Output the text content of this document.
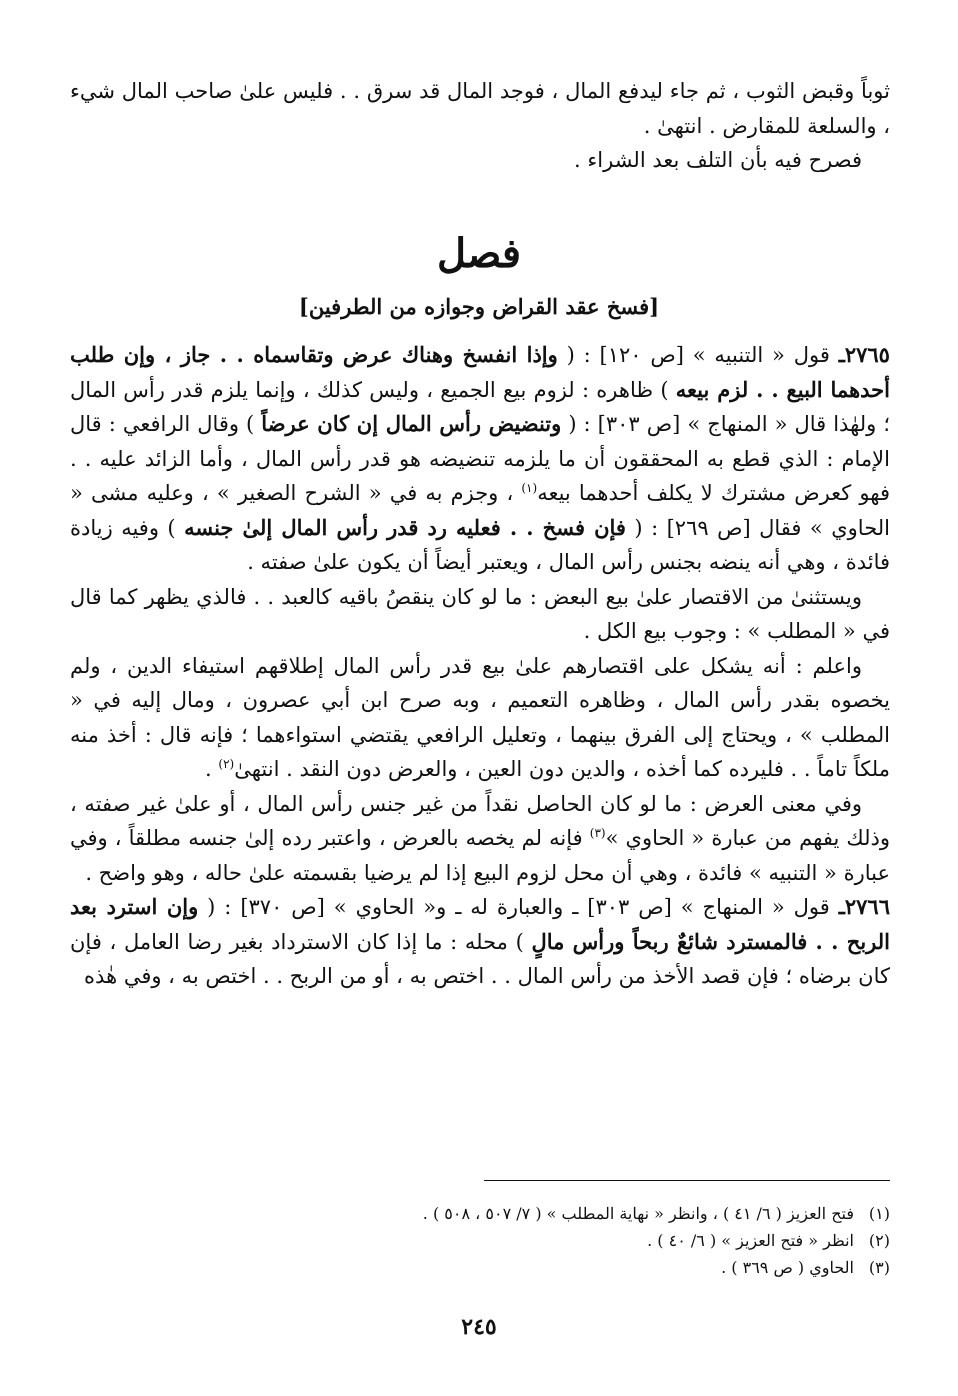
ثوباً وقبض الثوب ، ثم جاء ليدفع المال ، فوجد المال قد سرق . . فليس علىٰ صاحب المال شيء ، والسلعة للمقارض . انتهىٰ .

فصرح فيه بأن التلف بعد الشراء .

فصل
[فسخ عقد القراض وجوازه من الطرفين]

٢٧٦٥ـ قول « التنبيه » [ص ١٢٠] : ( وإذا انفسخ وهناك عرض وتقاسماه . . جاز ، وإن طلب أحدهما البيع . . لزم بيعه ) ظاهره : لزوم بيع الجميع ، وليس كذلك ، وإنما يلزم قدر رأس المال ؛ ولهٰذا قال « المنهاج » [ص ٣٠٣] : ( وتنضيض رأس المال إن كان عرضاً ) وقال الرافعي : قال الإمام : الذي قطع به المحققون أن ما يلزمه تنضيضه هو قدر رأس المال ، وأما الزائد عليه . . فهو كعرض مشترك لا يكلف أحدهما بيعه$^{(١)}$ ، وجزم به في « الشرح الصغير » ، وعليه مشى « الحاوي » فقال [ص ٢٦٩] : ( فإن فسخ . . فعليه رد قدر رأس المال إلىٰ جنسه ) وفيه زيادة فائدة ، وهي أنه ينضه بجنس رأس المال ، ويعتبر أيضاً أن يكون علىٰ صفته .

ويستثنىٰ من الاقتصار علىٰ بيع البعض : ما لو كان ينقصُ باقيه كالعبد . . فالذي يظهر كما قال في « المطلب » : وجوب بيع الكل .

واعلم : أنه يشكل على اقتصارهم علىٰ بيع قدر رأس المال إطلاقهم استيفاء الدين ، ولم يخصوه بقدر رأس المال ، وظاهره التعميم ، وبه صرح ابن أبي عصرون ، ومال إليه في « المطلب » ، ويحتاج إلى الفرق بينهما ، وتعليل الرافعي يقتضي استواءهما ؛ فإنه قال : أخذ منه ملكاً تاماً . . فليرده كما أخذه ، والدين دون العين ، والعرض دون النقد . انتهىٰ$^{(٢)}$ .

وفي معنى العرض : ما لو كان الحاصل نقداً من غير جنس رأس المال ، أو علىٰ غير صفته ، وذلك يفهم من عبارة « الحاوي »$^{(٣)}$ فإنه لم يخصه بالعرض ، واعتبر رده إلىٰ جنسه مطلقاً ، وفي عبارة « التنبيه » فائدة ، وهي أن محل لزوم البيع إذا لم يرضيا بقسمته علىٰ حاله ، وهو واضح .

٢٧٦٦ـ قول « المنهاج » [ص ٣٠٣] ـ والعبارة له ـ و« الحاوي » [ص ٣٧٠] : ( وإن استرد بعد الربح . . فالمسترد شائعٌ ربحاً ورأس مالٍ ) محله : ما إذا كان الاسترداد بغير رضا العامل ، فإن كان برضاه ؛ فإن قصد الأخذ من رأس المال . . اختص به ، أو من الربح . . اختص به ، وفي هٰذه

(١)فتح العزيز ( ٦/ ٤١ ) ، وانظر « نهاية المطلب » ( ٧/ ٥٠٧ ، ٥٠٨ ) .
(٢)انظر « فتح العزيز » ( ٦/ ٤٠ ) .
(٣)الحاوي ( ص ٣٦٩ ) .
٢٤٥
